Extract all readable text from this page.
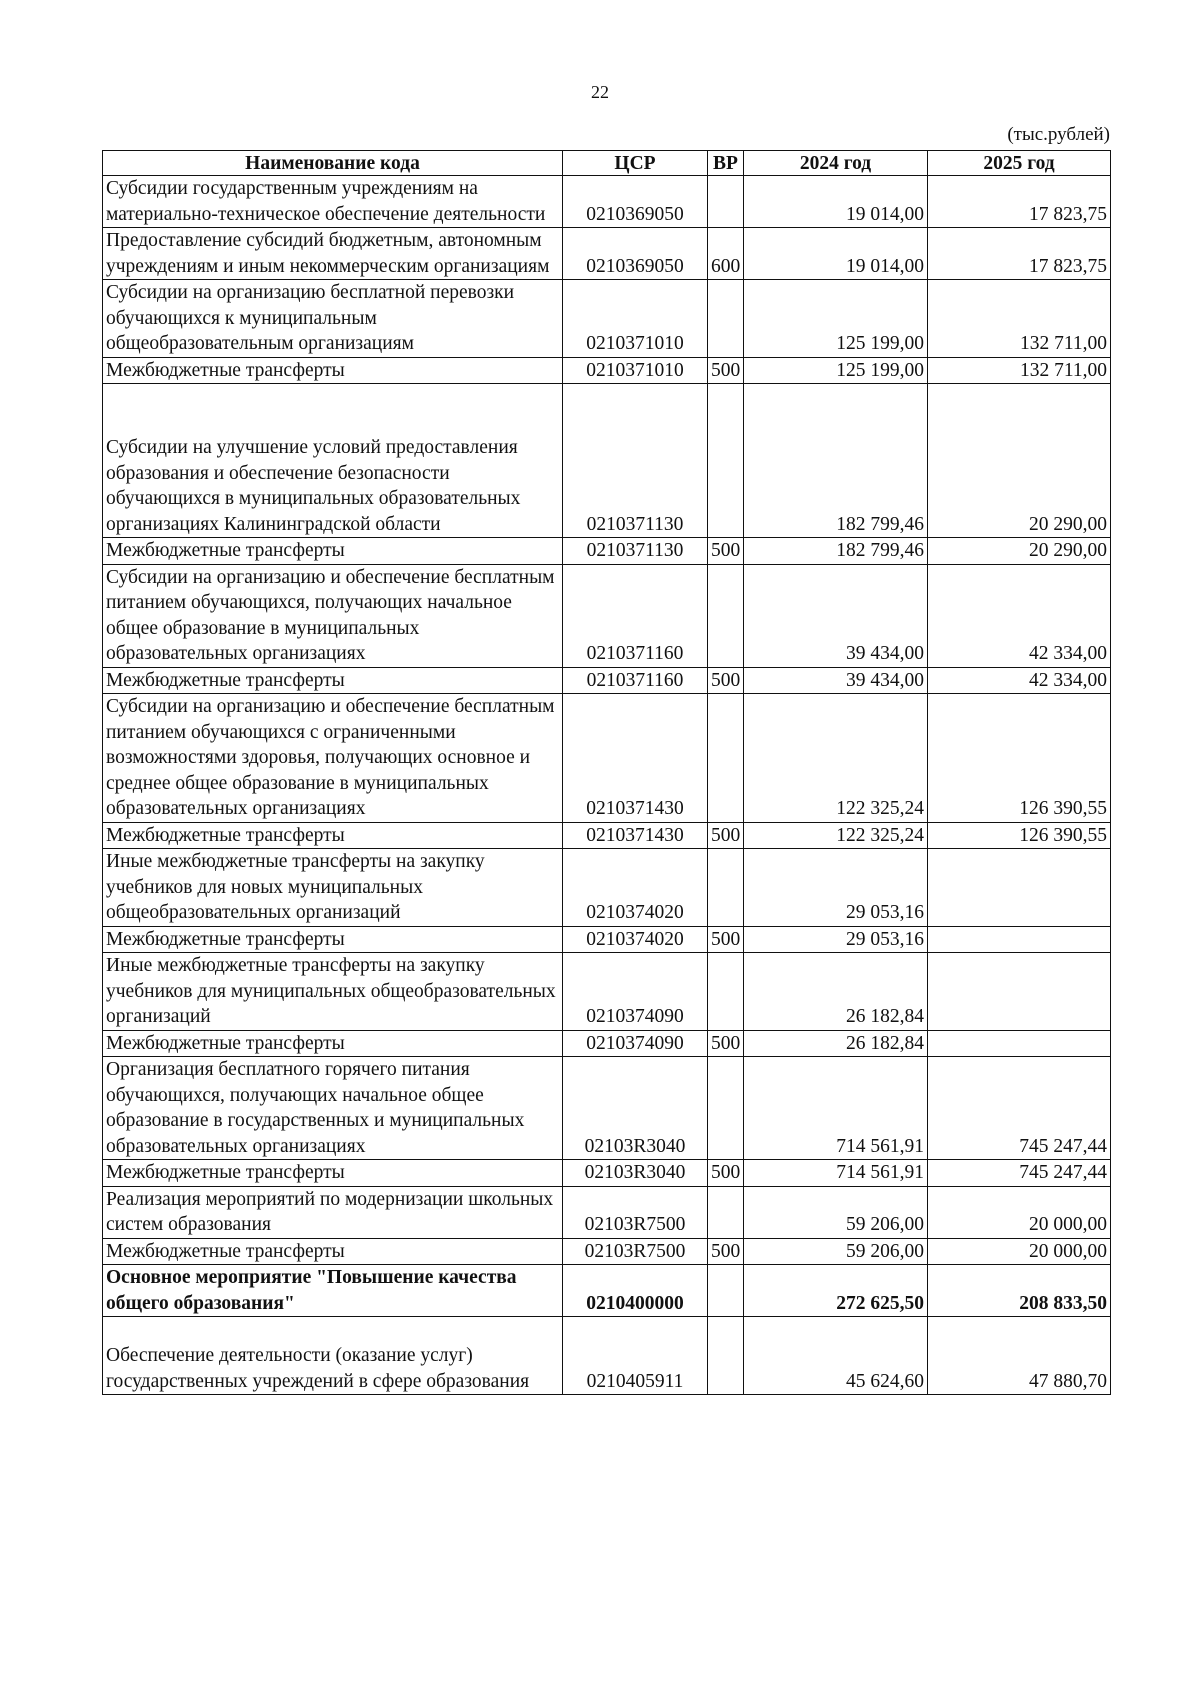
22
(тыс.рублей)
Наименование кода	ЦСР	ВР	2024 год	2025 год
Субсидии государственным учреждениям на материально-техническое обеспечение деятельности	0210369050		19 014,00	17 823,75
Предоставление субсидий бюджетным, автономным учреждениям и иным некоммерческим организациям	0210369050	600	19 014,00	17 823,75
Субсидии на организацию бесплатной перевозки обучающихся к муниципальным общеобразовательным организациям	0210371010		125 199,00	132 711,00
Межбюджетные трансферты	0210371010	500	125 199,00	132 711,00
Субсидии на улучшение условий предоставления образования и обеспечение безопасности обучающихся в муниципальных образовательных организациях Калининградской области	0210371130		182 799,46	20 290,00
Межбюджетные трансферты	0210371130	500	182 799,46	20 290,00
Субсидии на организацию и обеспечение бесплатным питанием обучающихся, получающих начальное общее образование в муниципальных образовательных организациях	0210371160		39 434,00	42 334,00
Межбюджетные трансферты	0210371160	500	39 434,00	42 334,00
Субсидии на организацию и обеспечение бесплатным питанием обучающихся с ограниченными возможностями здоровья, получающих основное и среднее общее образование в муниципальных образовательных организациях	0210371430		122 325,24	126 390,55
Межбюджетные трансферты	0210371430	500	122 325,24	126 390,55
Иные межбюджетные трансферты на закупку учебников для новых муниципальных общеобразовательных организаций	0210374020		29 053,16	
Межбюджетные трансферты	0210374020	500	29 053,16	
Иные межбюджетные трансферты на закупку учебников для муниципальных общеобразовательных организаций	0210374090		26 182,84	
Межбюджетные трансферты	0210374090	500	26 182,84	
Организация бесплатного горячего питания обучающихся, получающих начальное общее образование в государственных и муниципальных образовательных организациях	02103R3040		714 561,91	745 247,44
Межбюджетные трансферты	02103R3040	500	714 561,91	745 247,44
Реализация мероприятий по модернизации школьных систем образования	02103R7500		59 206,00	20 000,00
Межбюджетные трансферты	02103R7500	500	59 206,00	20 000,00
Основное мероприятие "Повышение качества общего образования"	0210400000		272 625,50	208 833,50
Обеспечение деятельности (оказание услуг) государственных учреждений в сфере образования	0210405911		45 624,60	47 880,70
